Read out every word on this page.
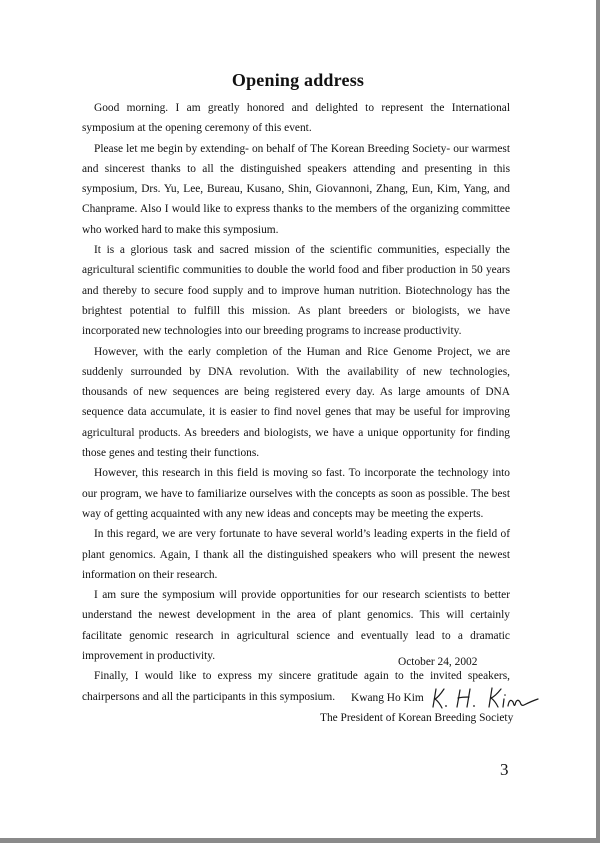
Opening address

Good morning. I am greatly honored and delighted to represent the International symposium at the opening ceremony of this event.

Please let me begin by extending- on behalf of The Korean Breeding Society- our warmest and sincerest thanks to all the distinguished speakers attending and presenting in this symposium, Drs. Yu, Lee, Bureau, Kusano, Shin, Giovannoni, Zhang, Eun, Kim, Yang, and Chanprame. Also I would like to express thanks to the members of the organizing committee who worked hard to make this symposium.

It is a glorious task and sacred mission of the scientific communities, especially the agricultural scientific communities to double the world food and fiber production in 50 years and thereby to secure food supply and to improve human nutrition. Biotechnology has the brightest potential to fulfill this mission. As plant breeders or biologists, we have incorporated new technologies into our breeding programs to increase productivity.

However, with the early completion of the Human and Rice Genome Project, we are suddenly surrounded by DNA revolution. With the availability of new technologies, thousands of new sequences are being registered every day. As large amounts of DNA sequence data accumulate, it is easier to find novel genes that may be useful for improving agricultural products. As breeders and biologists, we have a unique opportunity for finding those genes and testing their functions.

However, this research in this field is moving so fast. To incorporate the technology into our program, we have to familiarize ourselves with the concepts as soon as possible. The best way of getting acquainted with any new ideas and concepts may be meeting the experts.

In this regard, we are very fortunate to have several world’s leading experts in the field of plant genomics. Again, I thank all the distinguished speakers who will present the newest information on their research.

I am sure the symposium will provide opportunities for our research scientists to better understand the newest development in the area of plant genomics. This will certainly facilitate genomic research in agricultural science and eventually lead to a dramatic improvement in productivity.

Finally, I would like to express my sincere gratitude again to the invited speakers, chairpersons and all the participants in this symposium.

October 24, 2002
Kwang Ho Kim
The President of Korean Breeding Society
3
